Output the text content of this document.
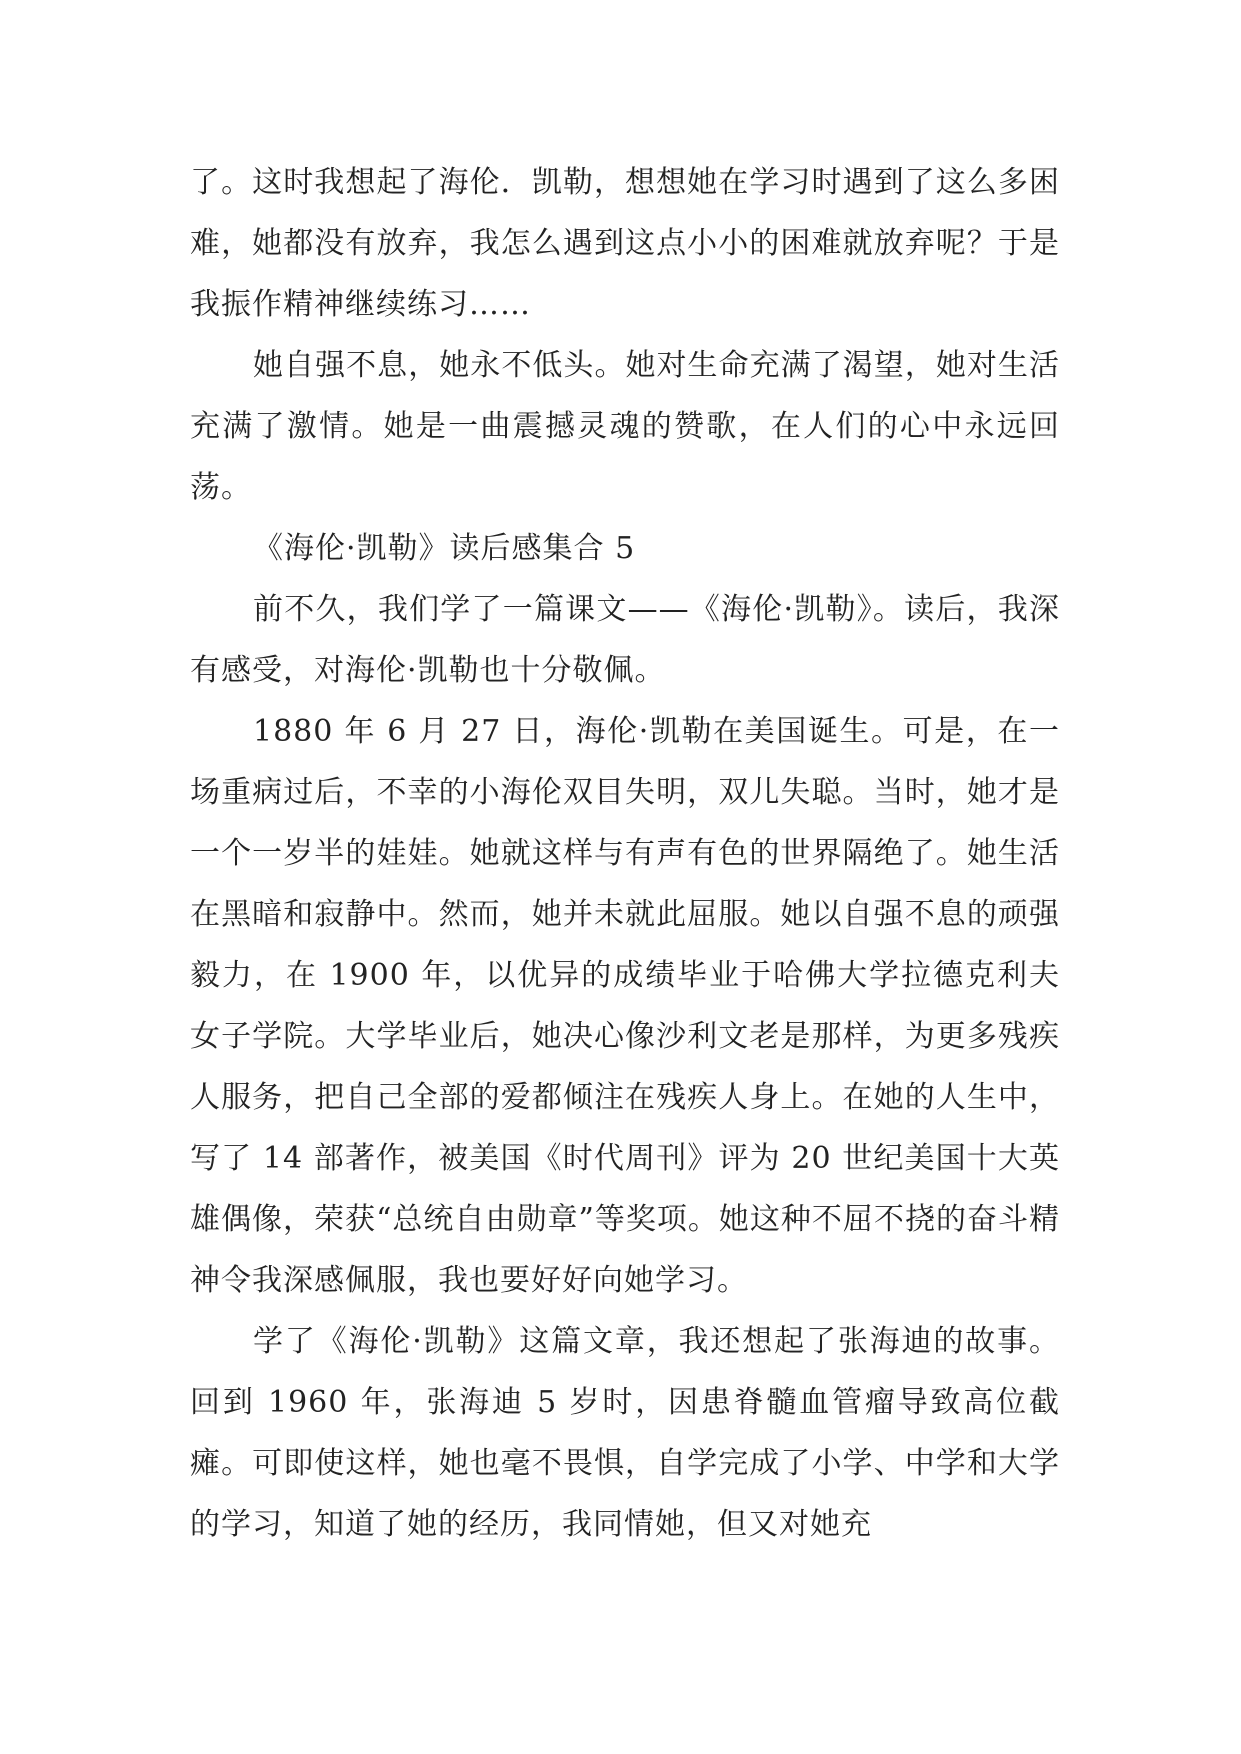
了。这时我想起了海伦．凯勒，想想她在学习时遇到了这么多困难，她都没有放弃，我怎么遇到这点小小的困难就放弃呢？于是我振作精神继续练习……

她自强不息，她永不低头。她对生命充满了渴望，她对生活充满了激情。她是一曲震撼灵魂的赞歌，在人们的心中永远回荡。

《海伦·凯勒》读后感集合 5

前不久，我们学了一篇课文——《海伦·凯勒》。读后，我深有感受，对海伦·凯勒也十分敬佩。

1880 年 6 月 27 日，海伦·凯勒在美国诞生。可是，在一场重病过后，不幸的小海伦双目失明，双儿失聪。当时，她才是一个一岁半的娃娃。她就这样与有声有色的世界隔绝了。她生活在黑暗和寂静中。然而，她并未就此屈服。她以自强不息的顽强毅力，在 1900 年，以优异的成绩毕业于哈佛大学拉德克利夫女子学院。大学毕业后，她决心像沙利文老是那样，为更多残疾人服务，把自己全部的爱都倾注在残疾人身上。在她的人生中，写了 14 部著作，被美国《时代周刊》评为 20 世纪美国十大英雄偶像，荣获“总统自由勋章”等奖项。她这种不屈不挠的奋斗精神令我深感佩服，我也要好好向她学习。

学了《海伦·凯勒》这篇文章，我还想起了张海迪的故事。回到 1960 年，张海迪 5 岁时，因患脊髓血管瘤导致高位截瘫。可即使这样，她也毫不畏惧，自学完成了小学、中学和大学的学习，知道了她的经历，我同情她，但又对她充
